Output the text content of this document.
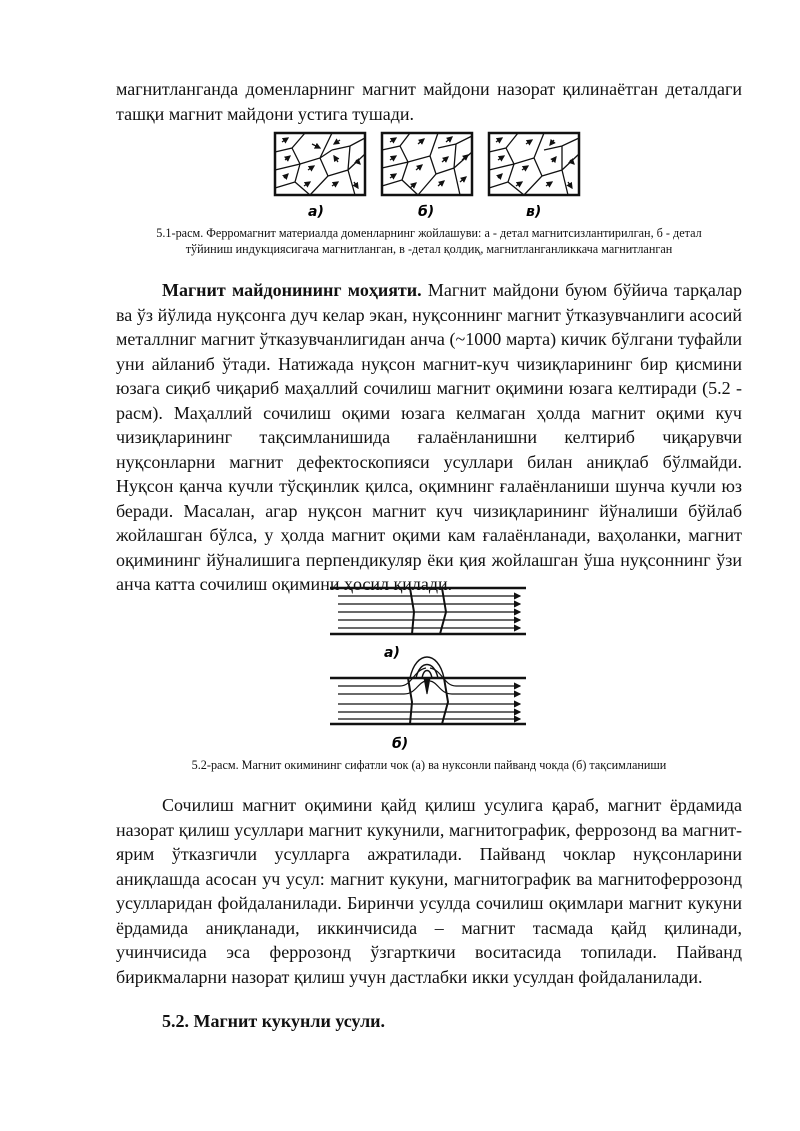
магнитланганда доменларнинг магнит майдони назорат қилинаётган деталдаги ташқи магнит майдони устига тушади.

а)	б)	в)

5.1-расм. Ферромагнит материалда доменларнинг жойлашуви: а - детал магнитсизлантирилган, б - детал

тўйиниш индукциясигача магнитланган, в -детал қолдиқ, магнитланганликкача магнитланган

Магнит майдонининг моҳияти. Магнит майдони буюм бўйича тарқалар ва ўз йўлида нуқсонга дуч келар экан, нуқсоннинг магнит ўтказувчанлиги асосий металлниг магнит ўтказувчанлигидан анча (~1000 марта) кичик бўлгани туфайли уни айланиб ўтади. Натижада нуқсон магнит-куч чизиқларининг бир қисмини юзага сиқиб чиқариб маҳаллий сочилиш магнит оқимини юзага келтиради (5.2 - расм). Маҳаллий сочилиш оқими юзага келмаган ҳолда магнит оқими куч чизиқларининг тақсимланишида ғалаёнланишни келтириб чиқарувчи нуқсонларни магнит дефектоскопияси усуллари билан аниқлаб бўлмайди. Нуқсон қанча кучли тўсқинлик қилса, оқимнинг ғалаёнланиши шунча кучли юз беради. Масалан, агар нуқсон магнит куч чизиқларининг йўналиши бўйлаб жойлашган бўлса, у ҳолда магнит оқими кам ғалаёнланади, ваҳоланки, магнит оқимининг йўналишига перпендикуляр ёки қия жойлашган ўша нуқсоннинг ўзи анча катта сочилиш оқимини ҳосил қилади.

а)
б)

5.2-расм. Магнит окимининг сифатли чок (а) ва нуксонли пайванд чокда (б) тақсимланиши

Сочилиш магнит оқимини қайд қилиш усулига қараб, магнит ёрдамида назорат қилиш усуллари магнит кукунили, магнитографик, феррозонд ва магнит-ярим ўтказгичли усулларга ажратилади. Пайванд чоклар нуқсонларини аниқлашда асосан уч усул: магнит кукуни, магнитографик ва магнитоферрозонд усулларидан фойдаланилади. Биринчи усулда сочилиш оқимлари магнит кукуни ёрдамида аниқланади, иккинчисида – магнит тасмада қайд қилинади, учинчисида эса феррозонд ўзгарткичи воситасида топилади. Пайванд бирикмаларни назорат қилиш учун дастлабки икки усулдан фойдаланилади.

5.2. Магнит кукунли усули.
